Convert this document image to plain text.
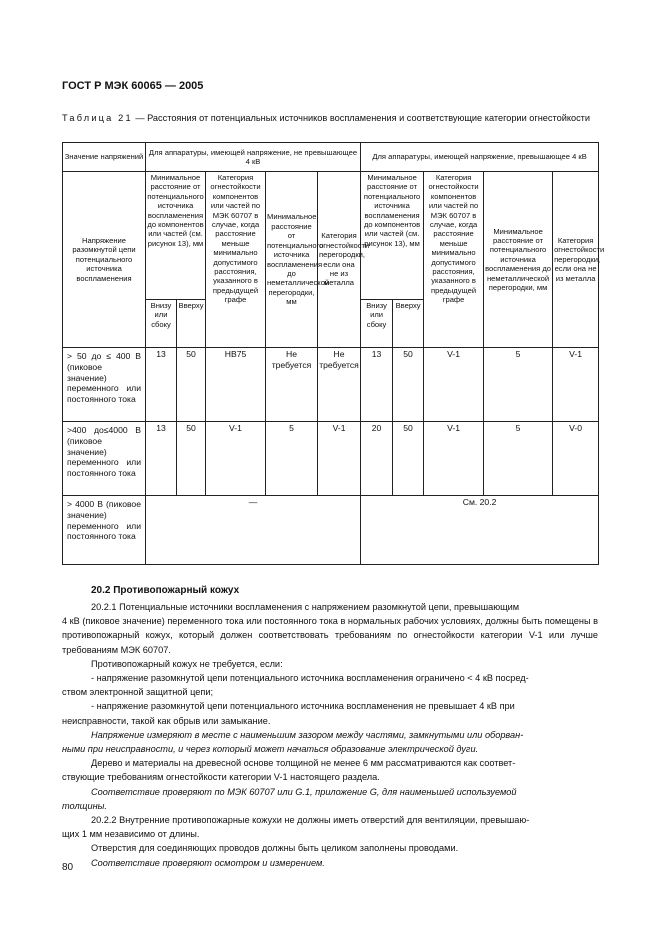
ГОСТ Р МЭК 60065 — 2005
Таблица 21 — Расстояния от потенциальных источников воспламенения и соответствующие категории огнестойкости
Значение напряжений	Для аппаратуры, имеющей напряжение, не превышающее 4 кВ					Для аппаратуры, имеющей напряжение, превышающее 4 кВ				
Напряжение разомкнутой цепи потенциального источника воспламенения	Минимальное расстояние от потенциального источника воспламенения до компонентов или частей (см. рисунок 13), мм		Категория огнестойкости компонентов или частей по МЭК 60707 в случае, когда расстояние меньше минимально допустимого расстояния, указанного в предыдущей графе	Минимальное расстояние от потенциального источника воспламенения до неметаллической перегородки, мм	Категория огнестойкости перегородки, если она не из металла	Минимальное расстояние от потенциального источника воспламенения до компонентов или частей (см. рисунок 13), мм		Категория огнестойкости компонентов или частей по МЭК 60707 в случае, когда расстояние меньше минимально допустимого расстояния, указанного в предыдущей графе	Минимальное расстояние от потенциального источника воспламенения до неметаллической перегородки, мм	Категория огнестойкости перегородки, если она не из металла
	Внизу или сбоку	Вверху				Внизу или сбоку	Вверху			
> 50 до ≤ 400 В (пиковое значение) переменного или постоянного тока	13	50	HB75	Не требуется	Не требуется	13	50	V-1	5	V-1
>400 до≤4000 В (пиковое значение) переменного или постоянного тока	13	50	V-1	5	V-1	20	50	V-1	5	V-0
> 4000 В (пиковое значение) переменного или постоянного тока	—					См. 20.2				
20.2 Противопожарный кожух

20.2.1 Потенциальные источники воспламенения с напряжением разомкнутой цепи, превышающим

4 кВ (пиковое значение) переменного тока или постоянного тока в нормальных рабочих условиях, должны быть помещены в противопожарный кожух, который должен соответствовать требованиям по огнестойкости категории V-1 или лучше требованиям МЭК 60707.

Противопожарный кожух не требуется, если:

- напряжение разомкнутой цепи потенциального источника воспламенения ограничено < 4 кВ посред-

ством электронной защитной цепи;

- напряжение разомкнутой цепи потенциального источника воспламенения не превышает 4 кВ при

неисправности, такой как обрыв или замыкание.

Напряжение измеряют в месте с наименьшим зазором между частями, замкнутыми или оборван-

ными при неисправности, и через который может начаться образование электрической дуги.

Дерево и материалы на древесной основе толщиной не менее 6 мм рассматриваются как соответ-

ствующие требованиям огнестойкости категории V-1 настоящего раздела.

Соответствие проверяют по МЭК 60707 или G.1, приложение G, для наименьшей используемой

толщины.

20.2.2 Внутренние противопожарные кожухи не должны иметь отверстий для вентиляции, превышаю-

щих 1 мм независимо от длины.

Отверстия для соединяющих проводов должны быть целиком заполнены проводами.

Соответствие проверяют осмотром и измерением.

80
